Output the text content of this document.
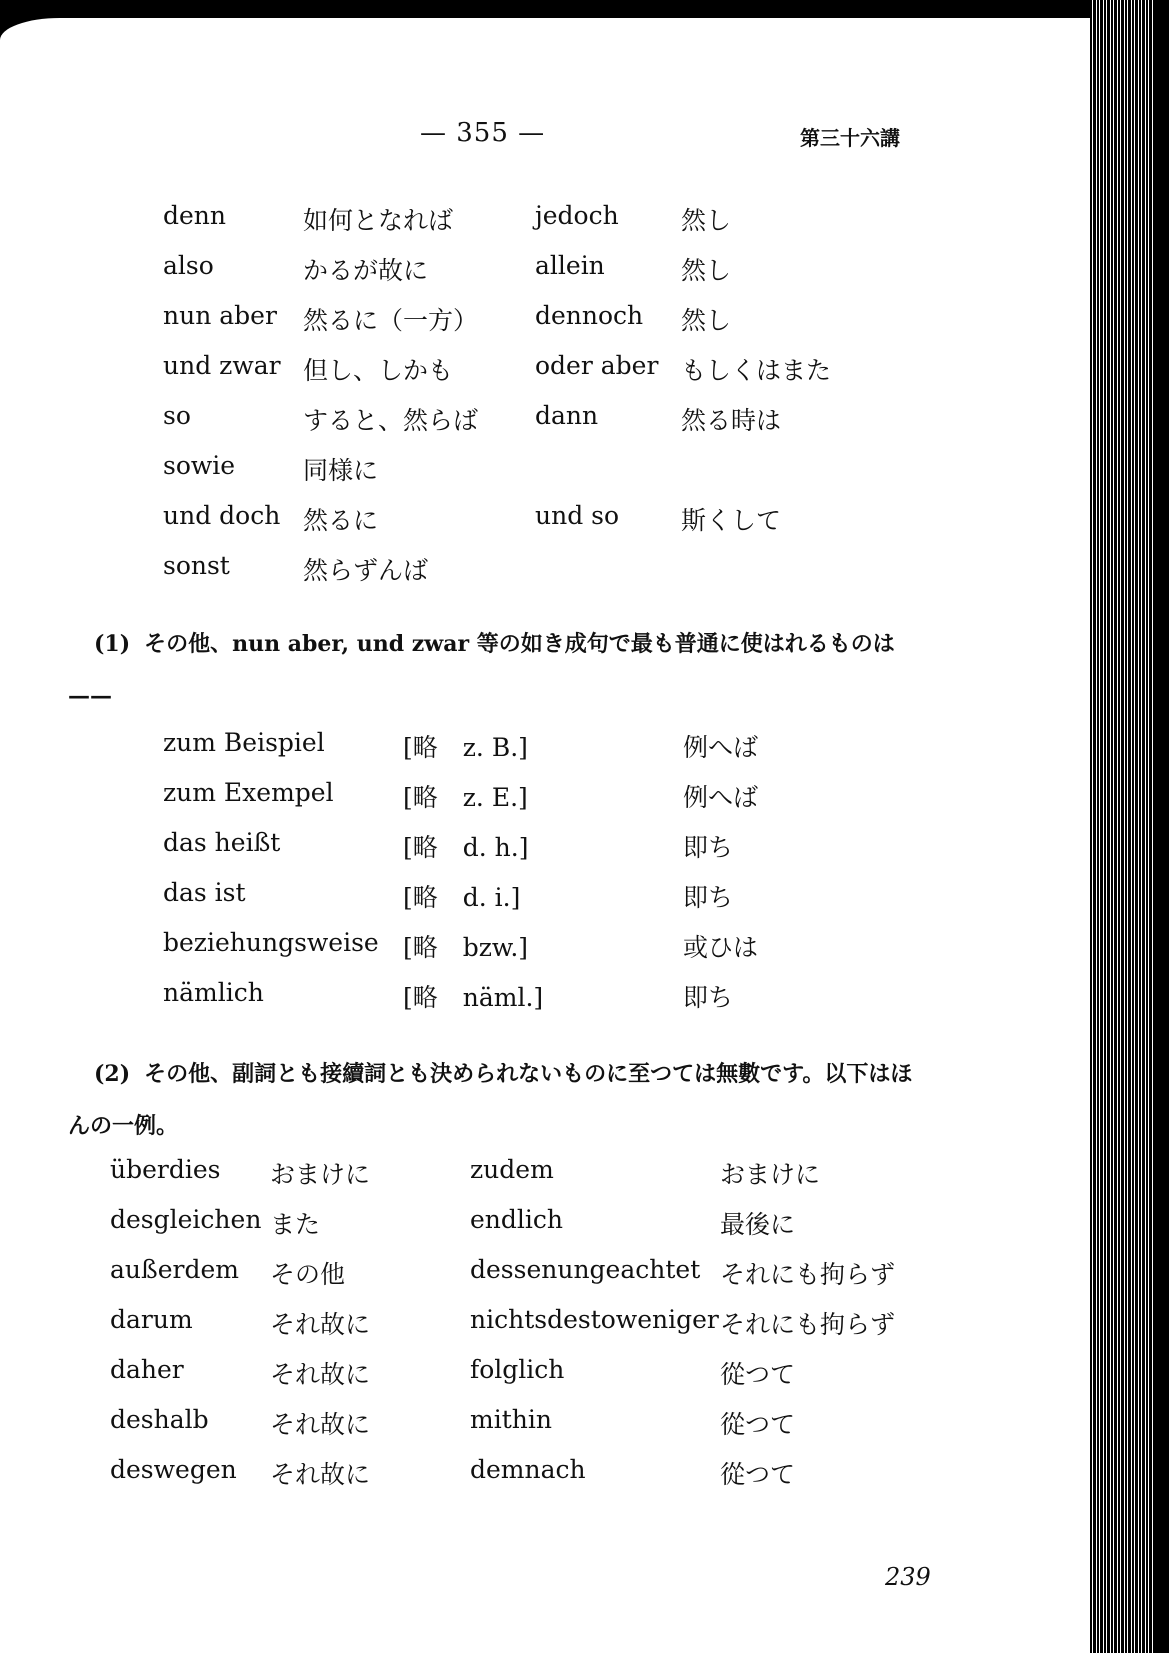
— 355 —	第三十六講
denn	如何となれば	jedoch 然し
also	かるが故に	allein	然し
nun aber 然るに（一方） dennoch 然し
und zwar 但し、しかも	oder aber もしくはまた
so	すると、然らば dann	然る時は
sowie	同様に
und doch 然るに	und so 斯くして
sonst	然らずんば
(1) その他、nun aber, und zwar 等の如き成句で最も普通に使はれるものは——
zum Beispiel	[略　z. B.]	例へば
zum Exempel	[略　z. E.]	例へば
das heißt	[略　d. h.]	即ち
das ist	[略　d. i.]	即ち
beziehungsweise [略　bzw.]	或ひは
nämlich	[略　näml.]	即ち
(2) その他、副詞とも接續詞とも決められないものに至つては無數です。以下はほんの一例。
überdies おまけに	zudem	おまけに
desgleichen また	endlich	最後に
außerdem その他	dessenungeachtet それにも拘らず
darum	それ故に	nichtsdestoweniger それにも拘らず
daher	それ故に	folglich	從つて
deshalb それ故に	mithin	從つて
deswegen それ故に	demnach	從つて
239
